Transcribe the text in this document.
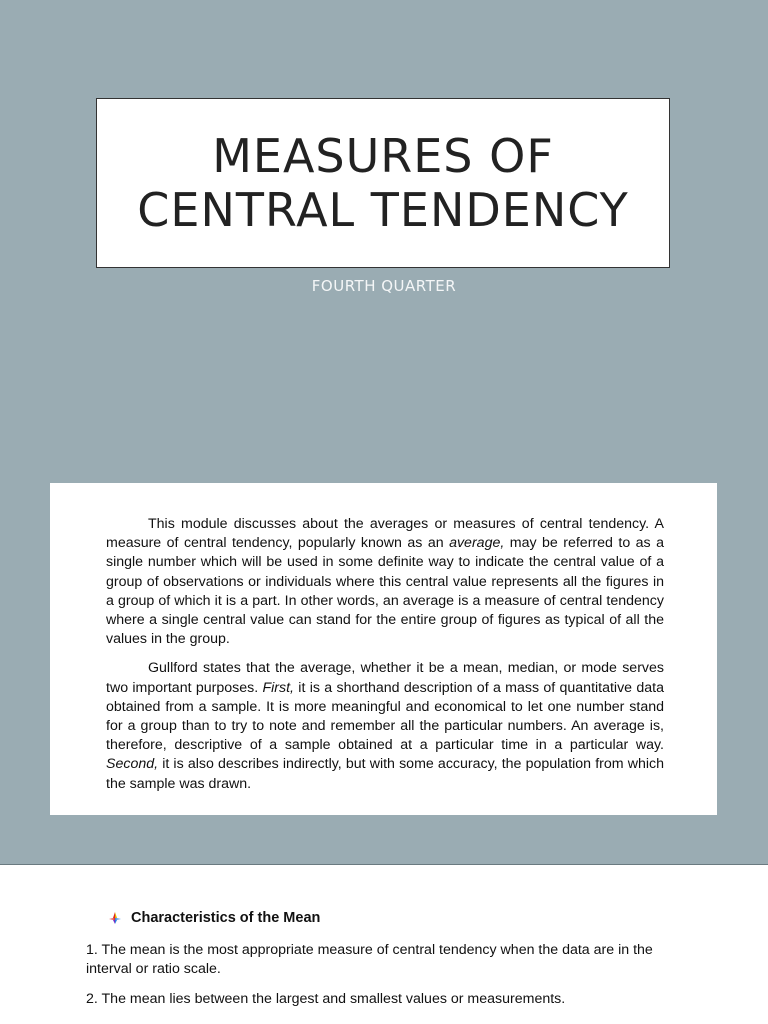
MEASURES OF CENTRAL TENDENCY
FOURTH QUARTER

This module discusses about the averages or measures of central tendency. A measure of central tendency, popularly known as an average, may be referred to as a single number which will be used in some definite way to indicate the central value of a group of observations or individuals where this central value represents all the figures in a group of which it is a part. In other words, an average is a measure of central tendency where a single central value can stand for the entire group of figures as typical of all the values in the group.

Gullford states that the average, whether it be a mean, median, or mode serves two important purposes. First, it is a shorthand description of a mass of quantitative data obtained from a sample. It is more meaningful and economical to let one number stand for a group than to try to note and remember all the particular numbers. An average is, therefore, descriptive of a sample obtained at a particular time in a particular way. Second, it is also describes indirectly, but with some accuracy, the population from which the sample was drawn.

Characteristics of the Mean
1. The mean is the most appropriate measure of central tendency when the data are in the interval or ratio scale.
2. The mean lies between the largest and smallest values or measurements.
